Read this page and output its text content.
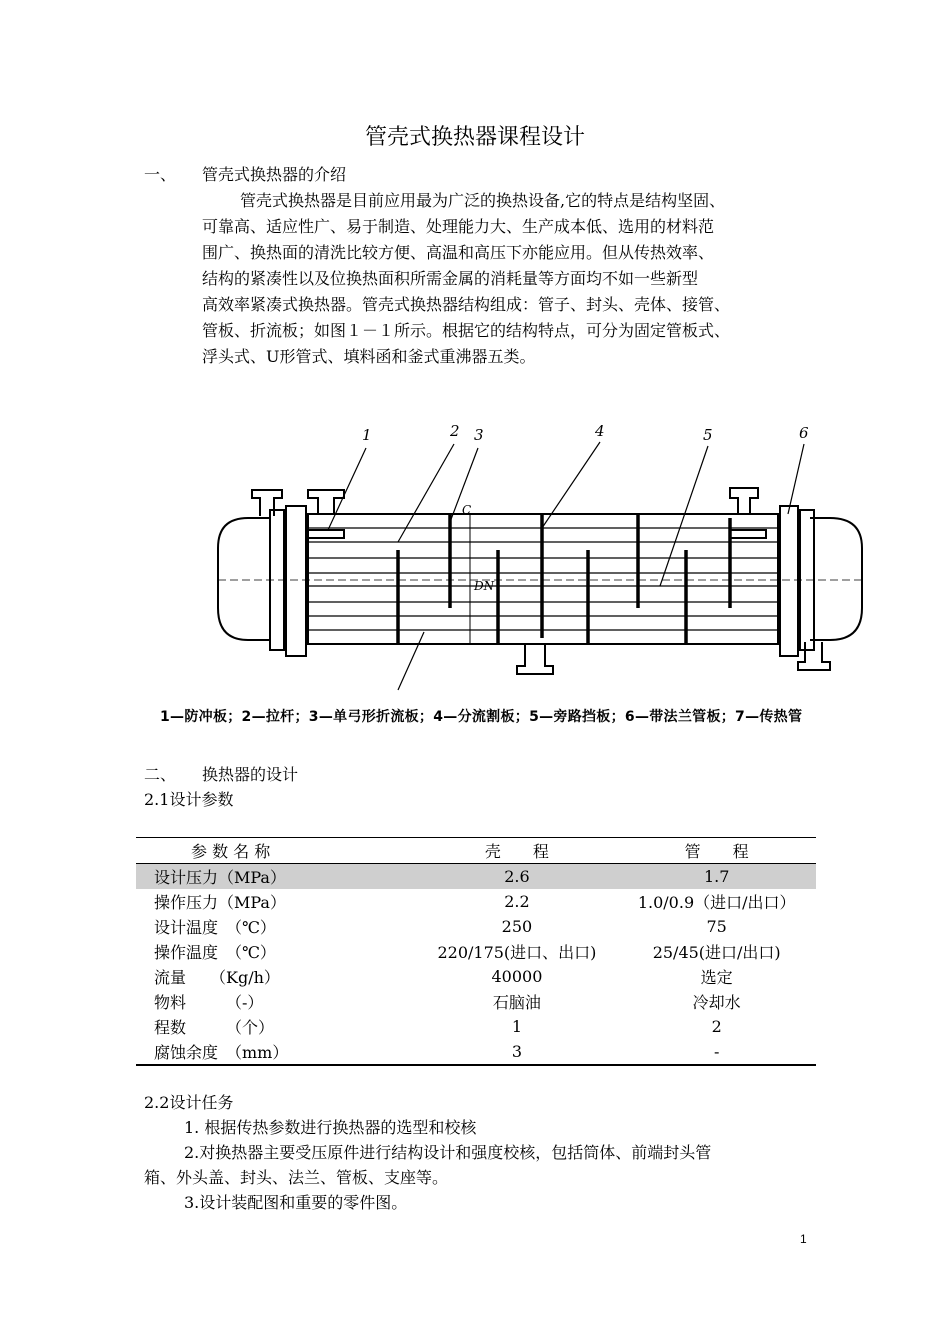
管壳式换热器课程设计
一、 管壳式换热器的介绍
管壳式换热器是目前应用最为广泛的换热设备,它的特点是结构坚固、
可靠高、适应性广、易于制造、处理能力大、生产成本低、选用的材料范
围广、换热面的清洗比较方便、高温和高压下亦能应用。但从传热效率、
结构的紧凑性以及位换热面积所需金属的消耗量等方面均不如一些新型
高效率紧凑式换热器。管壳式换热器结构组成：管子、封头、壳体、接管、
管板、折流板；如图１－１所示。根据它的结构特点，可分为固定管板式、
浮头式、U形管式、填料函和釜式重沸器五类。
1	2 3	4	5	6
C
DN
1—防冲板；2—拉杆；3—单弓形折流板；4—分流割板；5—旁路挡板；6—带法兰管板；7—传热管
二、 换热器的设计
2.1设计参数
参 数 名 称	壳　　程	管　　程
设计压力（MPa）	2.6	1.7
操作压力（MPa）	2.2	1.0/0.9（进口/出口）
设计温度　（℃）	250	75
操作温度　（℃）	220/175(进口、出口)	25/45(进口/出口)
流量　　（Kg/h）	40000	选定
物料　　　（-）	石脑油	冷却水
程数　　　（个）	1	2
腐蚀余度　（mm）	3	-
2.2设计任务
1. 根据传热参数进行换热器的选型和校核
2.对换热器主要受压原件进行结构设计和强度校核，包括筒体、前端封头管
箱、外头盖、封头、法兰、管板、支座等。
3.设计装配图和重要的零件图。
1
